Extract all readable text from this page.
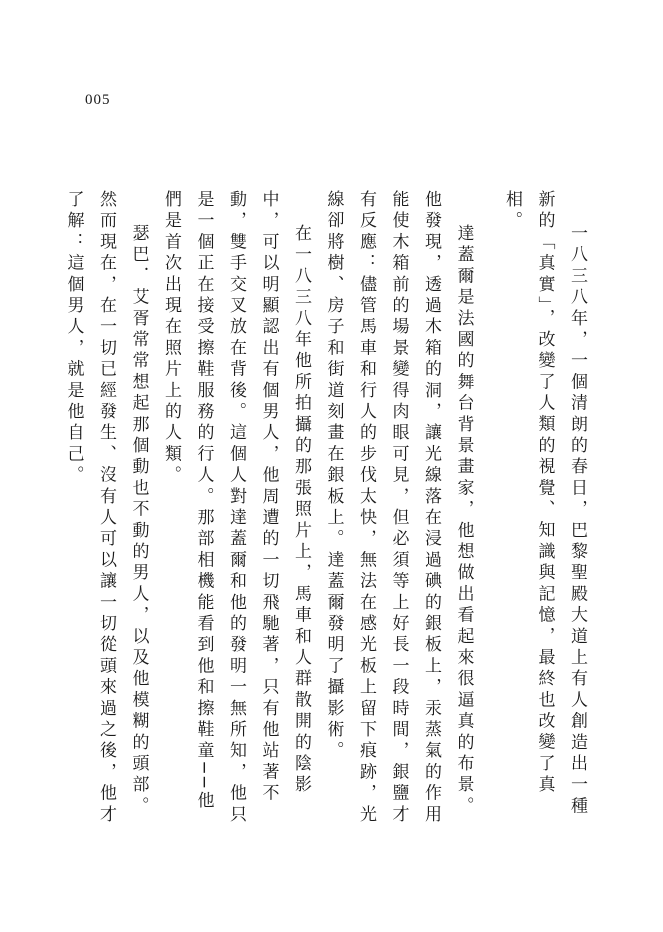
005

一八三八年，一個清朗的春日，巴黎聖殿大道上有人創造出一種新的「真實」，改變了人類的視覺、知識與記憶，最終也改變了真相。

達蓋爾是法國的舞台背景畫家，他想做出看起來很逼真的布景。他發現，透過木箱的洞，讓光線落在浸過碘的銀板上，汞蒸氣的作用能使木箱前的場景變得肉眼可見，但必須等上好長一段時間，銀鹽才有反應：儘管馬車和行人的步伐太快，無法在感光板上留下痕跡，光線卻將樹、房子和街道刻畫在銀板上。達蓋爾發明了攝影術。

在一八三八年他所拍攝的那張照片上，馬車和人群散開的陰影中，可以明顯認出有個男人，他周遭的一切飛馳著，只有他站著不動，雙手交叉放在背後。這個人對達蓋爾和他的發明一無所知，他只是一個正在接受擦鞋服務的行人。那部相機能看到他和擦鞋童──他們是首次出現在照片上的人類。

瑟巴．艾胥常常想起那個動也不動的男人，以及他模糊的頭部。然而現在，在一切已經發生、沒有人可以讓一切從頭來過之後，他才了解：這個男人，就是他自己。
